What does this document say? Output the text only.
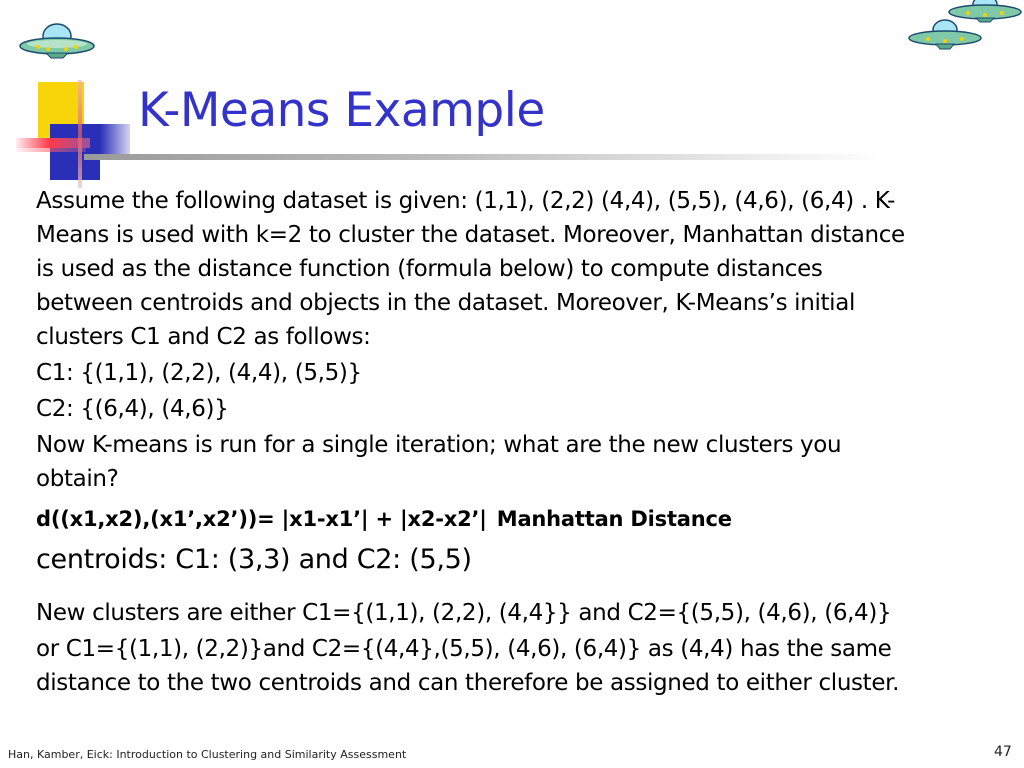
K-Means Example

Assume the following dataset is given: (1,1), (2,2) (4,4), (5,5), (4,6), (6,4) . K-

Means is used with k=2 to cluster the dataset. Moreover, Manhattan distance

is used as the distance function (formula below) to compute distances

between centroids and objects in the dataset. Moreover, K-Means’s initial

clusters C1 and C2 as follows:

C1: {(1,1), (2,2), (4,4), (5,5)}

C2: {(6,4), (4,6)}

Now K-means is run for a single iteration; what are the new clusters you

obtain?

d((x1,x2),(x1’,x2’))= |x1-x1’| + |x2-x2’| Manhattan Distance

centroids: C1: (3,3) and C2: (5,5)

New clusters are either C1={(1,1), (2,2), (4,4}} and C2={(5,5), (4,6), (6,4)}

or C1={(1,1), (2,2)}and C2={(4,4},(5,5), (4,6), (6,4)} as (4,4) has the same

distance to the two centroids and can therefore be assigned to either cluster.

Han, Kamber, Eick: Introduction to Clustering and Similarity Assessment	47
